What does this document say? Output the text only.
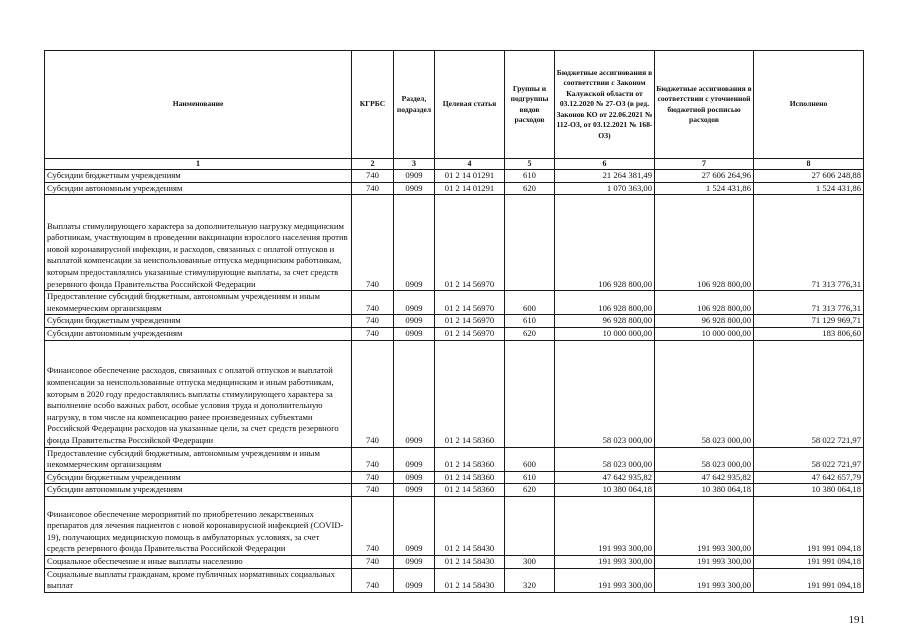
Наименование	КГРБС	Раздел, подраздел	Целевая статья	Группы и подгруппы видов расходов	Бюджетные ассигнования в соответствии с Законом Калужской области от 03.12.2020 № 27-ОЗ (в ред. Законов КО от 22.06.2021 № 112-ОЗ, от 03.12.2021 № 168-ОЗ)	Бюджетные ассигнования в соответствии с уточненной бюджетной росписью расходов	Исполнено
1	2	3	4	5	6	7	8
Субсидии бюджетным учреждениям	740	0909	01 2 14 01291	610	21 264 381,49	27 606 264,96	27 606 248,88
Субсидии автономным учреждениям	740	0909	01 2 14 01291	620	1 070 363,00	1 524 431,86	1 524 431,86
Выплаты стимулирующего характера за дополнительную нагрузку медицинским работникам, участвующим в проведении вакцинации взрослого населения против новой коронавирусной инфекции, и расходов, связанных с оплатой отпусков и выплатой компенсации за неиспользованные отпуска медицинским работникам, которым предоставлялись указанные стимулирующие выплаты, за счет средств резервного фонда Правительства Российской Федерации	740	0909	01 2 14 56970		106 928 800,00	106 928 800,00	71 313 776,31
Предоставление субсидий бюджетным, автономным учреждениям и иным некоммерческим организациям	740	0909	01 2 14 56970	600	106 928 800,00	106 928 800,00	71 313 776,31
Субсидии бюджетным учреждениям	740	0909	01 2 14 56970	610	96 928 800,00	96 928 800,00	71 129 969,71
Субсидии автономным учреждениям	740	0909	01 2 14 56970	620	10 000 000,00	10 000 000,00	183 806,60
Финансовое обеспечение расходов, связанных с оплатой отпусков и выплатой компенсации за неиспользованные отпуска медицинским и иным работникам, которым в 2020 году предоставлялись выплаты стимулирующего характера за выполнение особо важных работ, особые условия труда и дополнительную нагрузку, в том числе на компенсацию ранее произведенных субъектами Российской Федерации расходов на указанные цели, за счет средств резервного фонда Правительства Российской Федерации	740	0909	01 2 14 58360		58 023 000,00	58 023 000,00	58 022 721,97
Предоставление субсидий бюджетным, автономным учреждениям и иным некоммерческим организациям	740	0909	01 2 14 58360	600	58 023 000,00	58 023 000,00	58 022 721,97
Субсидии бюджетным учреждениям	740	0909	01 2 14 58360	610	47 642 935,82	47 642 935,82	47 642 657,79
Субсидии автономным учреждениям	740	0909	01 2 14 58360	620	10 380 064,18	10 380 064,18	10 380 064,18
Финансовое обеспечение мероприятий по приобретению лекарственных препаратов для лечения пациентов с новой коронавирусной инфекцией (COVID-19), получающих медицинскую помощь в амбулаторных условиях, за счет средств резервного фонда Правительства Российской Федерации	740	0909	01 2 14 58430		191 993 300,00	191 993 300,00	191 991 094,18
Социальное обеспечение и иные выплаты населению	740	0909	01 2 14 58430	300	191 993 300,00	191 993 300,00	191 991 094,18
Социальные выплаты гражданам, кроме публичных нормативных социальных выплат	740	0909	01 2 14 58430	320	191 993 300,00	191 993 300,00	191 991 094,18
191
